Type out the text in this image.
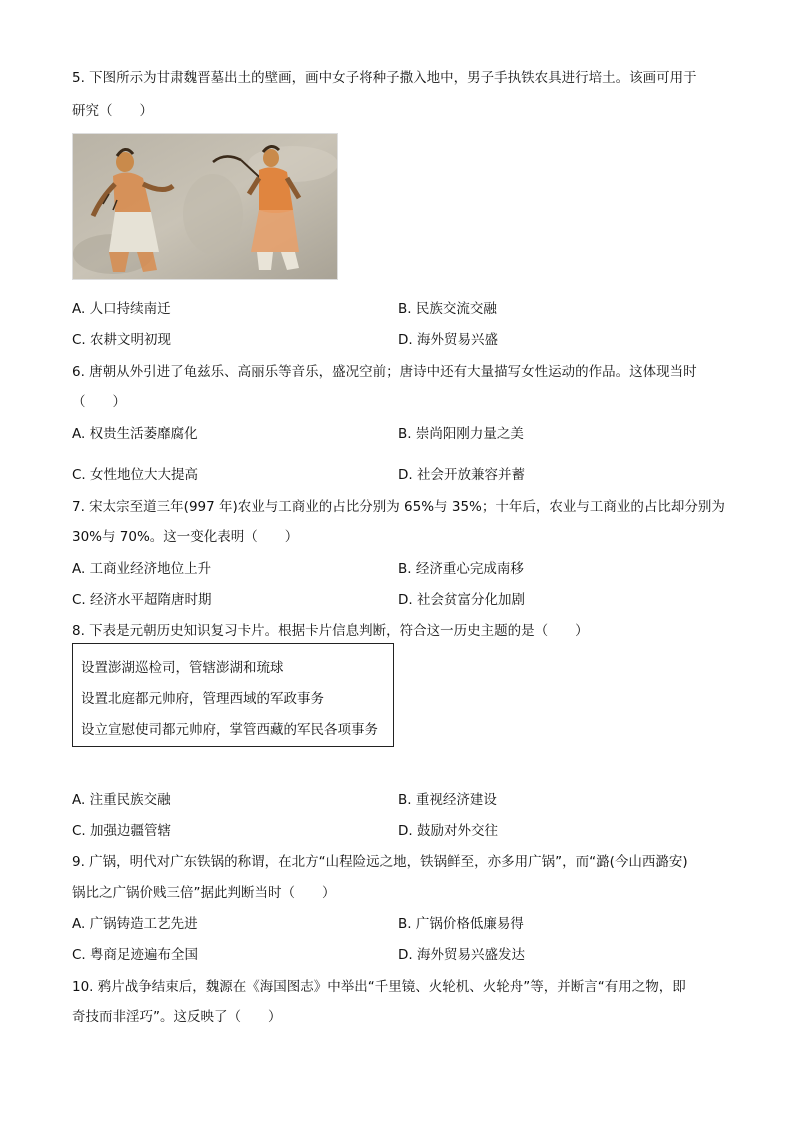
5. 下图所示为甘肃魏晋墓出土的壁画，画中女子将种子撒入地中，男子手执铁农具进行培土。该画可用于
研究（　　）
A. 人口持续南迁	B. 民族交流交融
C. 农耕文明初现	D. 海外贸易兴盛
6. 唐朝从外引进了龟兹乐、高丽乐等音乐，盛况空前；唐诗中还有大量描写女性运动的作品。这体现当时
（　　）
A. 权贵生活萎靡腐化	B. 崇尚阳刚力量之美
C. 女性地位大大提高	D. 社会开放兼容并蓄
7. 宋太宗至道三年(997 年)农业与工商业的占比分别为 65%与 35%；十年后，农业与工商业的占比却分别为
30%与 70%。这一变化表明（　　）
A. 工商业经济地位上升	B. 经济重心完成南移
C. 经济水平超隋唐时期	D. 社会贫富分化加剧
8. 下表是元朝历史知识复习卡片。根据卡片信息判断，符合这一历史主题的是（　　）
设置澎湖巡检司，管辖澎湖和琉球
设置北庭都元帅府，管理西域的军政事务
设立宣慰使司都元帅府，掌管西藏的军民各项事务
A. 注重民族交融	B. 重视经济建设
C. 加强边疆管辖	D. 鼓励对外交往
9. 广锅，明代对广东铁锅的称谓，在北方“山程险远之地，铁锅鲜至，亦多用广锅”，而“潞(今山西潞安)
锅比之广锅价贱三倍”据此判断当时（　　）
A. 广锅铸造工艺先进	B. 广锅价格低廉易得
C. 粤商足迹遍布全国	D. 海外贸易兴盛发达
10. 鸦片战争结束后，魏源在《海国图志》中举出“千里镜、火轮机、火轮舟”等，并断言“有用之物，即
奇技而非淫巧”。这反映了（　　）
